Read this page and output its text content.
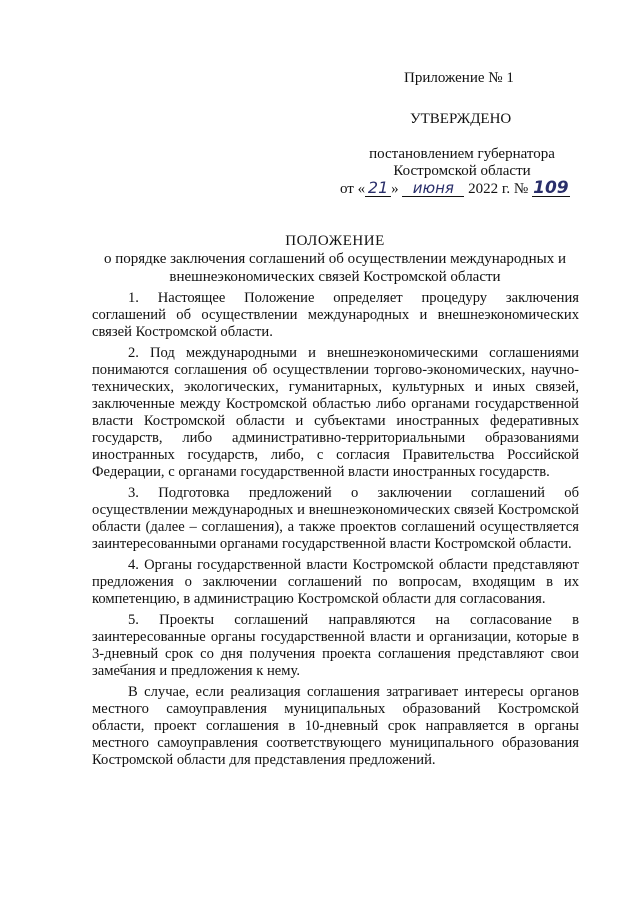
Приложение № 1
УТВЕРЖДЕНО
постановлением губернатора
Костромской области
от « 21 » июня 2022 г. № 109
ПОЛОЖЕНИЕ
о порядке заключения соглашений об осуществлении международных и
внешнеэкономических связей Костромской области

1. Настоящее Положение определяет процедуру заключения соглашений об осуществлении международных и внешнеэкономических связей Костромской области.

2. Под международными и внешнеэкономическими соглашениями понимаются соглашения об осуществлении торгово-экономических, научно-технических, экологических, гуманитарных, культурных и иных связей, заключенные между Костромской областью либо органами государственной власти Костромской области и субъектами иностранных федеративных государств, либо административно-территориальными образованиями иностранных государств, либо, с согласия Правительства Российской Федерации, с органами государственной власти иностранных государств.

3. Подготовка предложений о заключении соглашений об осуществлении международных и внешнеэкономических связей Костромской области (далее – соглашения), а также проектов соглашений осуществляется заинтересованными органами государственной власти Костромской области.

4. Органы государственной власти Костромской области представляют предложения о заключении соглашений по вопросам, входящим в их компетенцию, в администрацию Костромской области для согласования.

5. Проекты соглашений направляются на согласование в заинтересованные органы государственной власти и организации, которые в 3-дневный срок со дня получения проекта соглашения представляют свои замечания и предложения к нему.

В случае, если реализация соглашения затрагивает интересы органов местного самоуправления муниципальных образований Костромской области, проект соглашения в 10-дневный срок направляется в органы местного самоуправления соответствующего муниципального образования Костромской области для представления предложений.
